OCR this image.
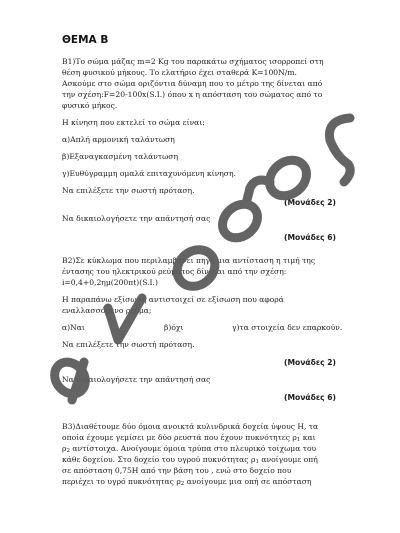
ΘΕΜΑ Β
Β1)Το σώμα μάζας m=2 Kg του παρακάτω σχήματος ισορροπεί στη
θέση φυσικού μήκους. Το ελατήριο έχει σταθερά Κ=100N/m.
Ασκούμε στο σώμα οριζόντια δύναμη που το μέτρο της δίνεται από
την σχέση:F=20-100x(S.I.) όπου x η απόσταση του σώματος από το
φυσικό μήκος.
Η κίνηση που εκτελεί το σώμα είναι:
α)Απλή αρμονική ταλάντωση
β)Εξαναγκασμένη ταλάντωση
γ)Ευθύγραμμη ομαλά επιταχυνόμενη κίνηση.
Να επιλέξετε την σωστή πρόταση.
(Μονάδες 2)
Να δικαιολογήσετε την απάντησή σας
(Μονάδες 6)
Β2)Σε κύκλωμα που περιλαμβάνει πηγή μια αντίσταση η τιμή της
έντασης του ηλεκτρικού ρεύματος δίνεται από την σχέση:
i=0,4+0,2ημ(200πt)(S.I.)
Η παραπάνω εξίσωση αντιστοιχεί σε εξίσωση που αφορά
εναλλασσόμενο ρεύμα;
α)Ναι	β)όχι	γ)τα στοιχεία δεν επαρκούν.
Να επιλέξετε την σωστή πρόταση.
(Μονάδες 2)
Να δικαιολογήσετε την απάντησή σας
(Μονάδες 6)
Β3)Διαθέτουμε δύο όμοια ανοικτά κυλινδρικά δοχεία ύψους Η, τα
οποία έχουμε γεμίσει με δύο ρευστά που έχουν πυκνότητες ρ1 και
ρ2 αντίστοιχα. Ανοίγουμε όμοια τρύπα στο πλευρικό τοίχωμα του
κάθε δοχείου. Στο δοχείο του υγρού πυκνότητας ρ1 ανοίγουμε οπή
σε απόσταση 0,75Η από την βάση του , ενώ στο δοχείο που
περιέχει το υγρό πυκνότητας ρ2 ανοίγουμε μια οπή σε απόσταση
